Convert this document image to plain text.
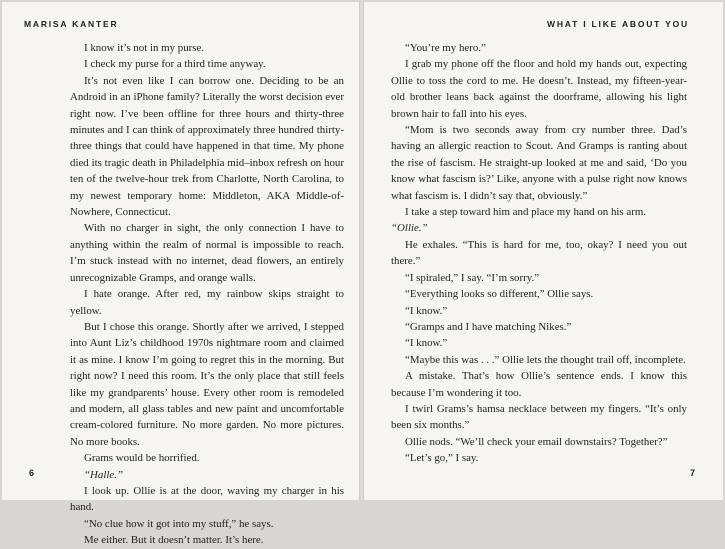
MARISA KANTER

I know it’s not in my purse.

I check my purse for a third time anyway.

It’s not even like I can borrow one. Deciding to be an Android in an iPhone family? Literally the worst decision ever right now. I’ve been offline for three hours and thirty-three minutes and I can think of approximately three hundred thirty-three things that could have happened in that time. My phone died its tragic death in Philadelphia mid–inbox refresh on hour ten of the twelve-hour trek from Charlotte, North Carolina, to my newest temporary home: Middleton, AKA Middle-of-Nowhere, Connecticut.

With no charger in sight, the only connection I have to anything within the realm of normal is impossible to reach. I’m stuck instead with no internet, dead flowers, an entirely unrecognizable Gramps, and orange walls.

I hate orange. After red, my rainbow skips straight to yellow.

But I chose this orange. Shortly after we arrived, I stepped into Aunt Liz’s childhood 1970s nightmare room and claimed it as mine. I know I’m going to regret this in the morning. But right now? I need this room. It’s the only place that still feels like my grandparents’ house. Every other room is remodeled and modern, all glass tables and new paint and uncomfortable cream-colored furniture. No more garden. No more pictures. No more books.

Grams would be horrified.

“Halle.”

I look up. Ollie is at the door, waving my charger in his hand.

“No clue how it got into my stuff,” he says.

Me either. But it doesn’t matter. It’s here.

6
WHAT I LIKE ABOUT YOU

“You’re my hero.”

I grab my phone off the floor and hold my hands out, expecting Ollie to toss the cord to me. He doesn’t. Instead, my fifteen-year-old brother leans back against the doorframe, allowing his light brown hair to fall into his eyes.

“Mom is two seconds away from cry number three. Dad’s having an allergic reaction to Scout. And Gramps is ranting about the rise of fascism. He straight-up looked at me and said, ‘Do you know what fascism is?’ Like, anyone with a pulse right now knows what fascism is. I didn’t say that, obviously.”

I take a step toward him and place my hand on his arm.

“Ollie.”

He exhales. “This is hard for me, too, okay? I need you out there.”

“I spiraled,” I say. “I’m sorry.”

“Everything looks so different,” Ollie says.

“I know.”

“Gramps and I have matching Nikes.”

“I know.”

“Maybe this was . . .” Ollie lets the thought trail off, incomplete.

A mistake. That’s how Ollie’s sentence ends. I know this because I’m wondering it too.

I twirl Grams’s hamsa necklace between my fingers. “It’s only been six months.”

Ollie nods. “We’ll check your email downstairs? Together?”

“Let’s go,” I say.

7
